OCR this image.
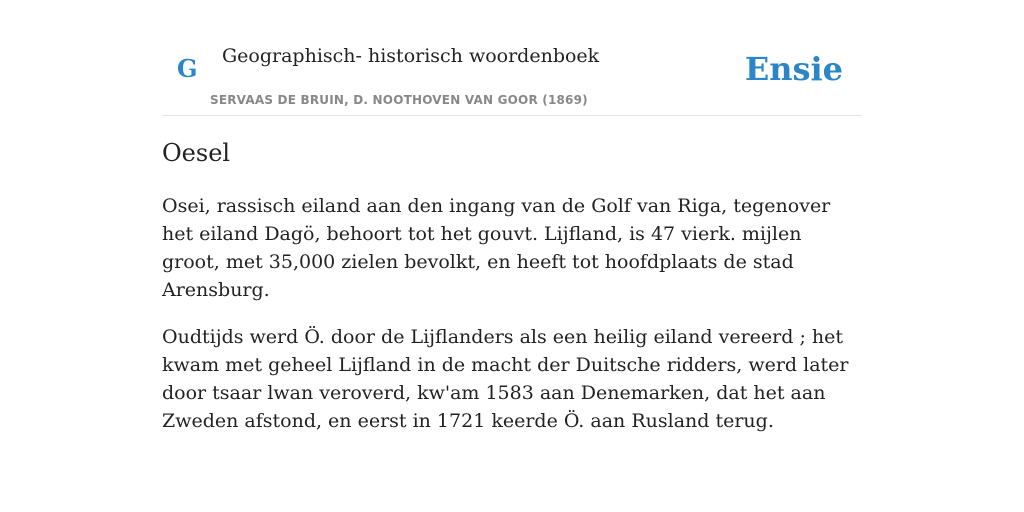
G Geographisch- historisch woordenboek
SERVAAS DE BRUIN, D. NOOTHOVEN VAN GOOR (1869)
Ensie
Oesel

Osei, rassisch eiland aan den ingang van de Golf van Riga, tegenover het eiland Dagö, behoort tot het gouvt. Lijfland, is 47 vierk. mijlen groot, met 35,000 zielen bevolkt, en heeft tot hoofdplaats de stad Arensburg.

Oudtijds werd Ö. door de Lijflanders als een heilig eiland vereerd ; het kwam met geheel Lijfland in de macht der Duitsche ridders, werd later door tsaar lwan veroverd, kw'am 1583 aan Denemarken, dat het aan Zweden afstond, en eerst in 1721 keerde Ö. aan Rusland terug.
